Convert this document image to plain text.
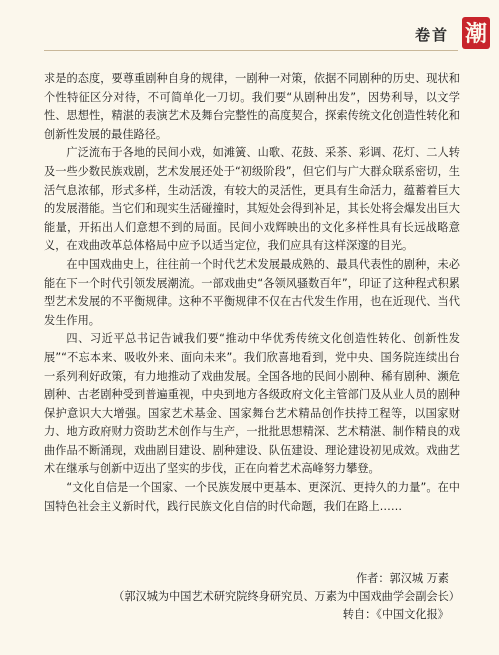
卷首 潮

求是的态度，要尊重剧种自身的规律，一剧种一对策，依据不同剧种的历史、现状和个性特征区分对待，不可简单化一刀切。我们要“从剧种出发”，因势利导，以文学性、思想性，精湛的表演艺术及舞台完整性的高度契合，探索传统文化创造性转化和创新性发展的最佳路径。

广泛流布于各地的民间小戏，如滩簧、山歌、花鼓、采茶、彩调、花灯、二人转及一些少数民族戏剧，艺术发展还处于“初级阶段”，但它们与广大群众联系密切，生活气息浓郁，形式多样，生动活泼，有较大的灵活性，更具有生命活力，蕴蓄着巨大的发展潜能。当它们和现实生活碰撞时，其短处会得到补足，其长处将会爆发出巨大能量，开拓出人们意想不到的局面。民间小戏辉映出的文化多样性具有长远战略意义，在戏曲改革总体格局中应予以适当定位，我们应具有这样深邃的目光。

在中国戏曲史上，往往前一个时代艺术发展最成熟的、最具代表性的剧种，未必能在下一个时代引领发展潮流。一部戏曲史“各领风骚数百年”，印证了这种程式积累型艺术发展的不平衡规律。这种不平衡规律不仅在古代发生作用，也在近现代、当代发生作用。

四、习近平总书记告诫我们要“推动中华优秀传统文化创造性转化、创新性发展”“不忘本来、吸收外来、面向未来”。我们欣喜地看到，党中央、国务院连续出台一系列利好政策，有力地推动了戏曲发展。全国各地的民间小剧种、稀有剧种、濒危剧种、古老剧种受到普遍重视，中央到地方各级政府文化主管部门及从业人员的剧种保护意识大大增强。国家艺术基金、国家舞台艺术精品创作扶持工程等，以国家财力、地方政府财力资助艺术创作与生产，一批批思想精深、艺术精湛、制作精良的戏曲作品不断涌现，戏曲剧目建设、剧种建设、队伍建设、理论建设初见成效。戏曲艺术在继承与创新中迈出了坚实的步伐，正在向着艺术高峰努力攀登。

“文化自信是一个国家、一个民族发展中更基本、更深沉、更持久的力量”。在中国特色社会主义新时代，践行民族文化自信的时代命题，我们在路上……

作者：郭汉城 万素
（郭汉城为中国艺术研究院终身研究员、万素为中国戏曲学会副会长）
转自：《中国文化报》
